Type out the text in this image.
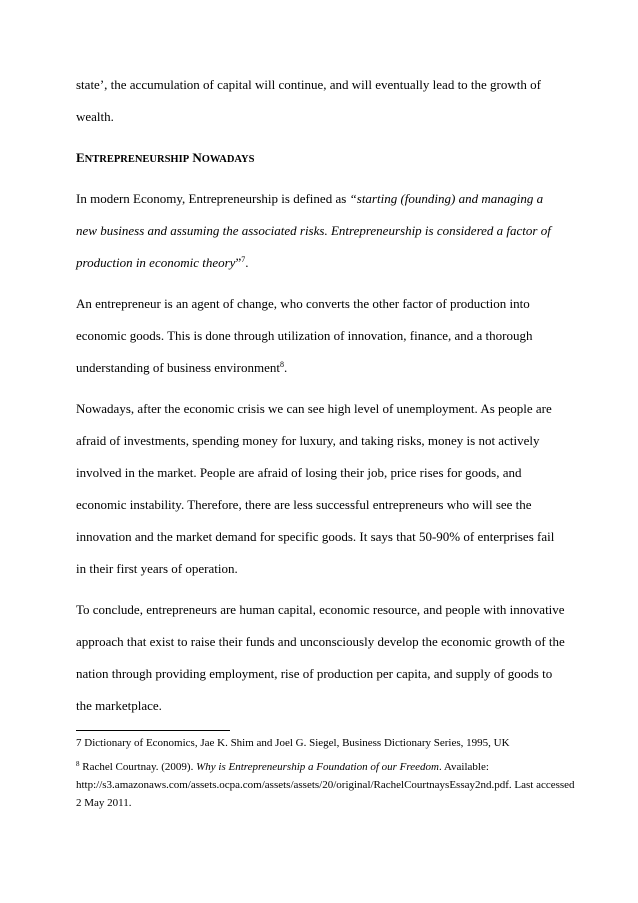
state’, the accumulation of capital will continue, and will eventually lead to the growth of
wealth.
ENTREPRENEURSHIP NOWADAYS
In modern Economy, Entrepreneurship is defined as “starting (founding) and managing a
new business and assuming the associated risks. Entrepreneurship is considered a factor of
production in economic theory”$^7$.
An entrepreneur is an agent of change, who converts the other factor of production into
economic goods. This is done through utilization of innovation, finance, and a thorough
understanding of business environment$^8$.
Nowadays, after the economic crisis we can see high level of unemployment. As people are
afraid of investments, spending money for luxury, and taking risks, money is not actively
involved in the market. People are afraid of losing their job, price rises for goods, and
economic instability. Therefore, there are less successful entrepreneurs who will see the
innovation and the market demand for specific goods. It says that 50-90% of enterprises fail
in their first years of operation.
To conclude, entrepreneurs are human capital, economic resource, and people with innovative
approach that exist to raise their funds and unconsciously develop the economic growth of the
nation through providing employment, rise of production per capita, and supply of goods to
the marketplace.

7 Dictionary of Economics, Jae K. Shim and Joel G. Siegel, Business Dictionary Series, 1995, UK

$^8$ Rachel Courtnay. (2009). Why is Entrepreneurship a Foundation of our Freedom. Available:
http://s3.amazonaws.com/assets.ocpa.com/assets/assets/20/original/RachelCourtnaysEssay2nd.pdf. Last accessed
2 May 2011.
